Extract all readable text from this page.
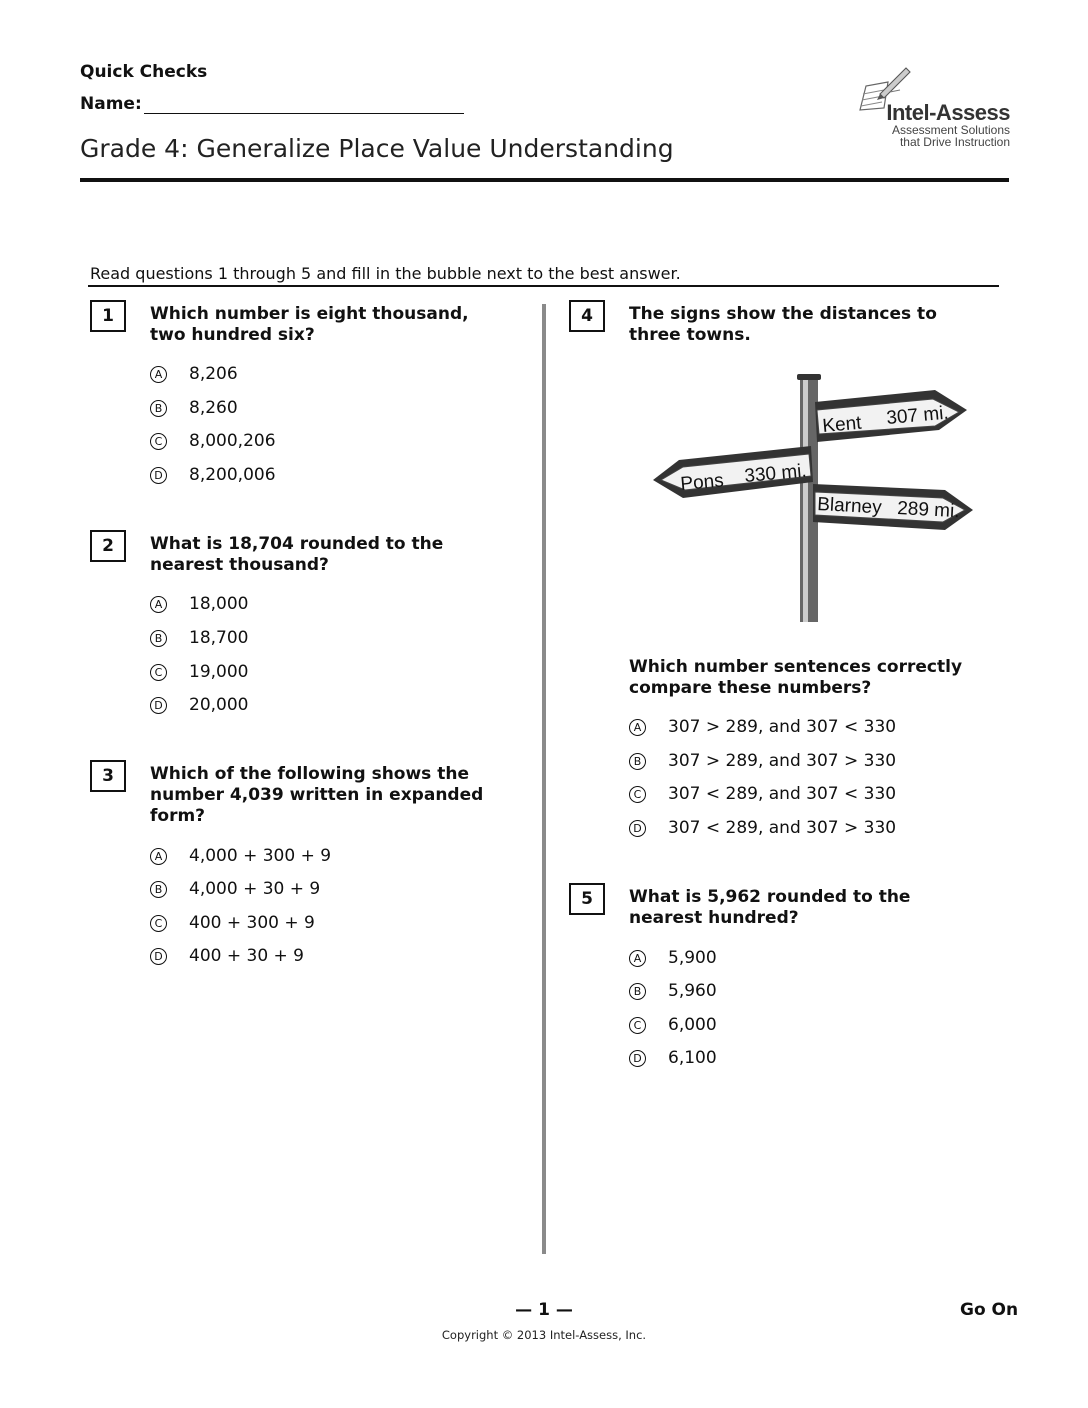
Quick Checks
Name:
Grade 4: Generalize Place Value Understanding
Intel-Assess
Assessment Solutions
that Drive Instruction
Read questions 1 through 5 and fill in the bubble next to the best answer.
1	Which number is eight thousand,
two hundred six?
A 8,206
B 8,260
C 8,000,206
D 8,200,006
2	What is 18,704 rounded to the
nearest thousand?
A 18,000
B 18,700
C 19,000
D 20,000
3	Which of the following shows the
number 4,039 written in expanded
form?
A 4,000 + 300 + 9
B 4,000 + 30 + 9
C 400 + 300 + 9
D 400 + 30 + 9
4	The signs show the distances to
three towns.
Kent 307 mi.
Pons 330 mi.
Blarney 289 mi.
Which number sentences correctly
compare these numbers?
A 307 > 289, and 307 < 330
B 307 > 289, and 307 > 330
C 307 < 289, and 307 < 330
D 307 < 289, and 307 > 330
5	What is 5,962 rounded to the
nearest hundred?
A 5,900
B 5,960
C 6,000
D 6,100
— 1 —	Go On
Copyright © 2013 Intel-Assess, Inc.
